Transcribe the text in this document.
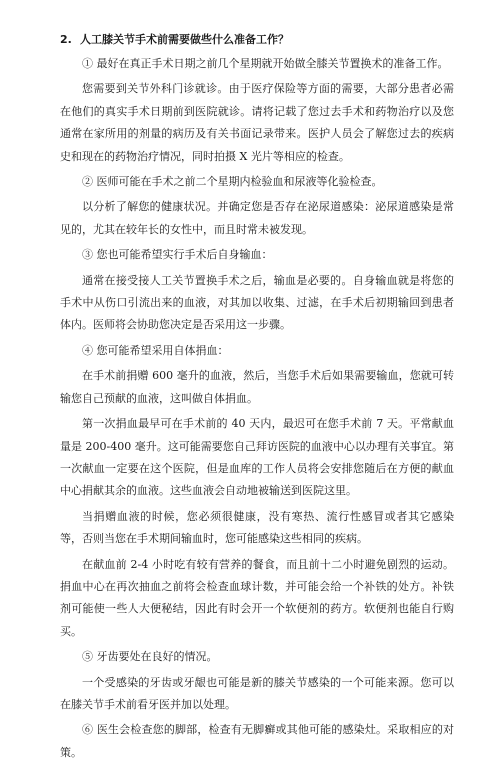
2. 人工膝关节手术前需要做些什么准备工作？

① 最好在真正手术日期之前几个星期就开始做全膝关节置换术的准备工作。

您需要到关节外科门诊就诊。由于医疗保险等方面的需要，大部分患者必需在他们的真实手术日期前到医院就诊。请将记载了您过去手术和药物治疗以及您通常在家所用的剂量的病历及有关书面记录带来。医护人员会了解您过去的疾病史和现在的药物治疗情况，同时拍摄 X 光片等相应的检查。

② 医师可能在手术之前二个星期内检验血和尿液等化验检查。

以分析了解您的健康状况。并确定您是否存在泌尿道感染：泌尿道感染是常见的，尤其在较年长的女性中，而且时常未被发现。

③ 您也可能希望实行手术后自身输血：

通常在接受接人工关节置换手术之后，输血是必要的。自身输血就是将您的手术中从伤口引流出来的血液，对其加以收集、过滤，在手术后初期输回到患者体内。医师将会协助您决定是否采用这一步骤。

④ 您可能希望采用自体捐血：

在手术前捐赠 600 毫升的血液，然后，当您手术后如果需要输血，您就可转输您自己预献的血液，这叫做自体捐血。

第一次捐血最早可在手术前的 40 天内，最迟可在您手术前 7 天。平常献血量是 200-400 毫升。这可能需要您自己拜访医院的血液中心以办理有关事宜。第一次献血一定要在这个医院，但是血库的工作人员将会安排您随后在方便的献血中心捐献其余的血液。这些血液会自动地被输送到医院这里。

当捐赠血液的时候，您必须很健康，没有寒热、流行性感冒或者其它感染等，否则当您在手术期间输血时，您可能感染这些相同的疾病。

在献血前 2-4 小时吃有较有营养的餐食，而且前十二小时避免剧烈的运动。捐血中心在再次抽血之前将会检查血球计数，并可能会给一个补铁的处方。补铁剂可能使一些人大便秘结，因此有时会开一个软便剂的药方。软便剂也能自行购买。

⑤ 牙齿要处在良好的情况。

一个受感染的牙齿或牙龈也可能是新的膝关节感染的一个可能来源。您可以在膝关节手术前看牙医并加以处理。

⑥ 医生会检查您的脚部，检查有无脚癣或其他可能的感染灶。采取相应的对策。
